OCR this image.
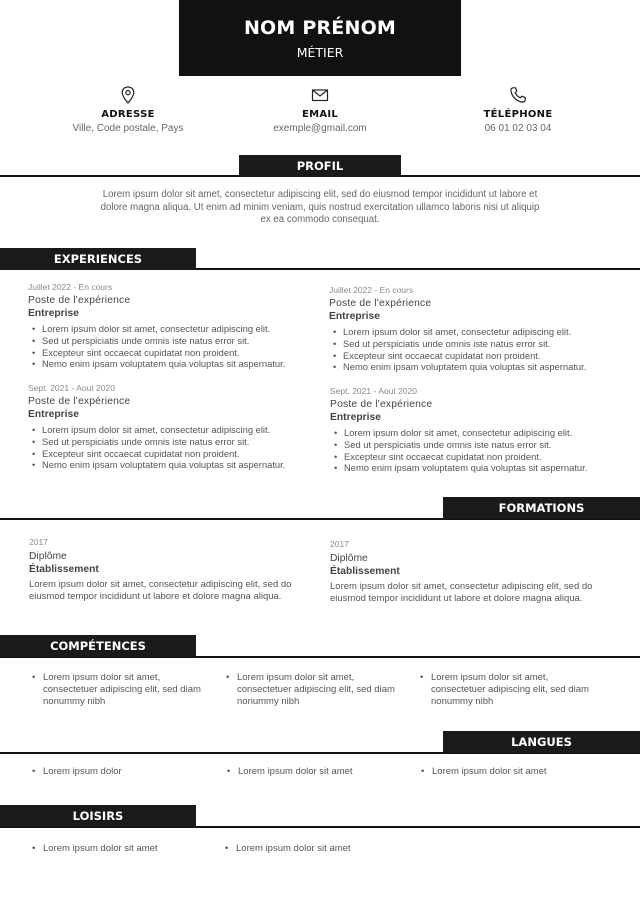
NOM PRÉNOM
MÉTIER
ADRESSE
Ville, Code postale, Pays
EMAIL
exemple@gmail.com
TÉLÉPHONE
06 01 02 03 04
PROFIL
Lorem ipsum dolor sit amet, consectetur adipiscing elit, sed do eiusmod tempor incididunt ut labore et dolore magna aliqua. Ut enim ad minim veniam, quis nostrud exercitation ullamco laboris nisi ut aliquip ex ea commodo consequat.
EXPERIENCES
Juillet 2022 - En cours
Poste de l'expérience
Entreprise
• Lorem ipsum dolor sit amet, consectetur adipiscing elit.
• Sed ut perspiciatis unde omnis iste natus error sit.
• Excepteur sint occaecat cupidatat non proident.
• Nemo enim ipsam voluptatem quia voluptas sit aspernatur.
Sept. 2021 - Aout 2020
Poste de l'expérience
Entreprise
• Lorem ipsum dolor sit amet, consectetur adipiscing elit.
• Sed ut perspiciatis unde omnis iste natus error sit.
• Excepteur sint occaecat cupidatat non proident.
• Nemo enim ipsam voluptatem quia voluptas sit aspernatur.
Juillet 2022 - En cours
Poste de l'expérience
Entreprise
• Lorem ipsum dolor sit amet, consectetur adipiscing elit.
• Sed ut perspiciatis unde omnis iste natus error sit.
• Excepteur sint occaecat cupidatat non proident.
• Nemo enim ipsam voluptatem quia voluptas sit aspernatur.
Sept. 2021 - Aout 2020
Poste de l'expérience
Entreprise
• Lorem ipsum dolor sit amet, consectetur adipiscing elit.
• Sed ut perspiciatis unde omnis iste natus error sit.
• Excepteur sint occaecat cupidatat non proident.
• Nemo enim ipsam voluptatem quia voluptas sit aspernatur.
FORMATIONS
2017
Diplôme
Établissement
Lorem ipsum dolor sit amet, consectetur adipiscing elit, sed do eiusmod tempor incididunt ut labore et dolore magna aliqua.
2017
Diplôme
Établissement
Lorem ipsum dolor sit amet, consectetur adipiscing elit, sed do eiusmod tempor incididunt ut labore et dolore magna aliqua.
COMPÉTENCES
• Lorem ipsum dolor sit amet, consectetuer adipiscing elit, sed diam nonummy nibh
• Lorem ipsum dolor sit amet, consectetuer adipiscing elit, sed diam nonummy nibh
• Lorem ipsum dolor sit amet, consectetuer adipiscing elit, sed diam nonummy nibh
LANGUES
• Lorem ipsum dolor	• Lorem ipsum dolor sit amet	• Lorem ipsum dolor sit amet
LOISIRS
• Lorem ipsum dolor sit amet	• Lorem ipsum dolor sit amet
